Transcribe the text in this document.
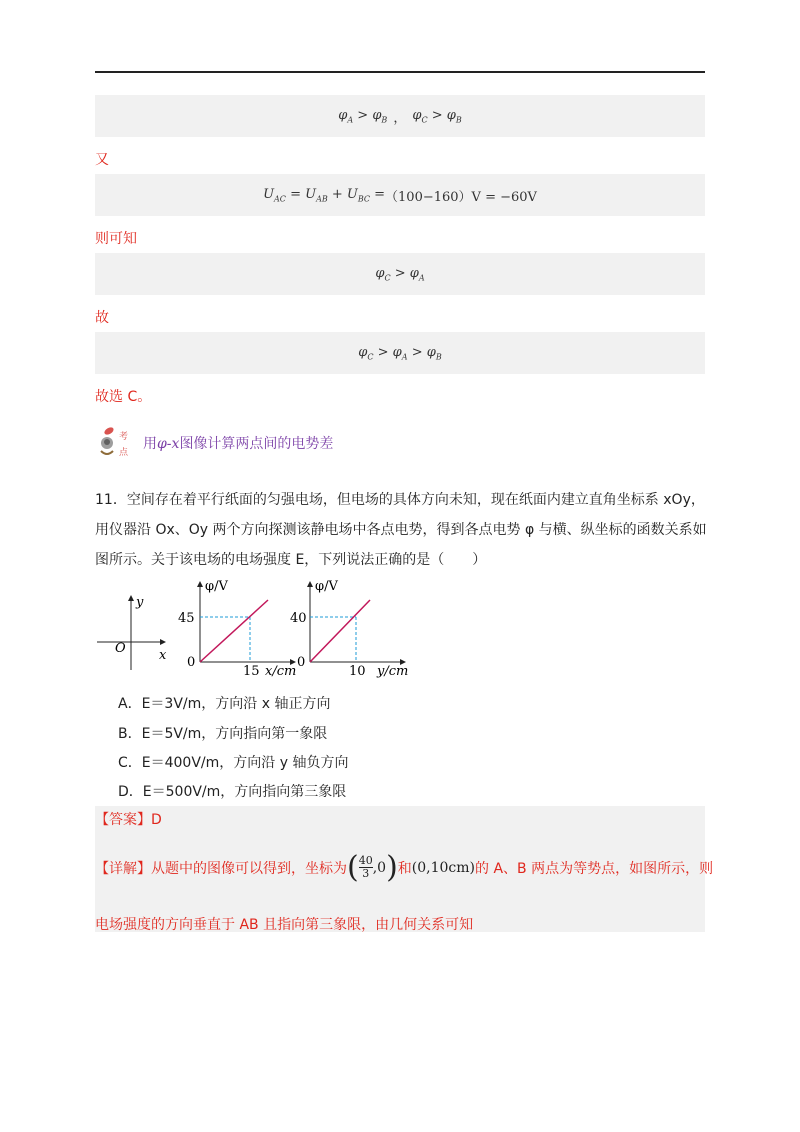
$\varphi_A > \varphi_B$ ， $\varphi_C > \varphi_B$
又
$U_{AC} = U_{AB} + U_{BC} = (100-160)V = -60V$
则可知
$\varphi_C > \varphi_A$
故
$\varphi_C > \varphi_A > \varphi_B$
故选 C。
考
点
用φ-x图像计算两点间的电势差
11．空间存在着平行纸面的匀强电场，但电场的具体方向未知，现在纸面内建立直角坐标系 xOy，
用仪器沿 Ox、Oy 两个方向探测该静电场中各点电势，得到各点电势 φ 与横、纵坐标的函数关系如
图所示。关于该电场的电场强度 E，下列说法正确的是（　　）
y
x
O
φ/V
45
0
15 x/cm
φ/V
40
0
10 y/cm
A．E＝3V/m，方向沿 x 轴正方向
B．E＝5V/m，方向指向第一象限
C．E＝400V/m，方向沿 y 轴负方向
D．E＝500V/m，方向指向第三象限
【答案】D
【详解】 从题中的图像可以得到，坐标为 ( $\frac{40}{3} ,0$ ) 和 (0,10cm) 的 A、B 两点为等势点，如图所示，则
电场强度的方向垂直于 AB 且指向第三象限，由几何关系可知
